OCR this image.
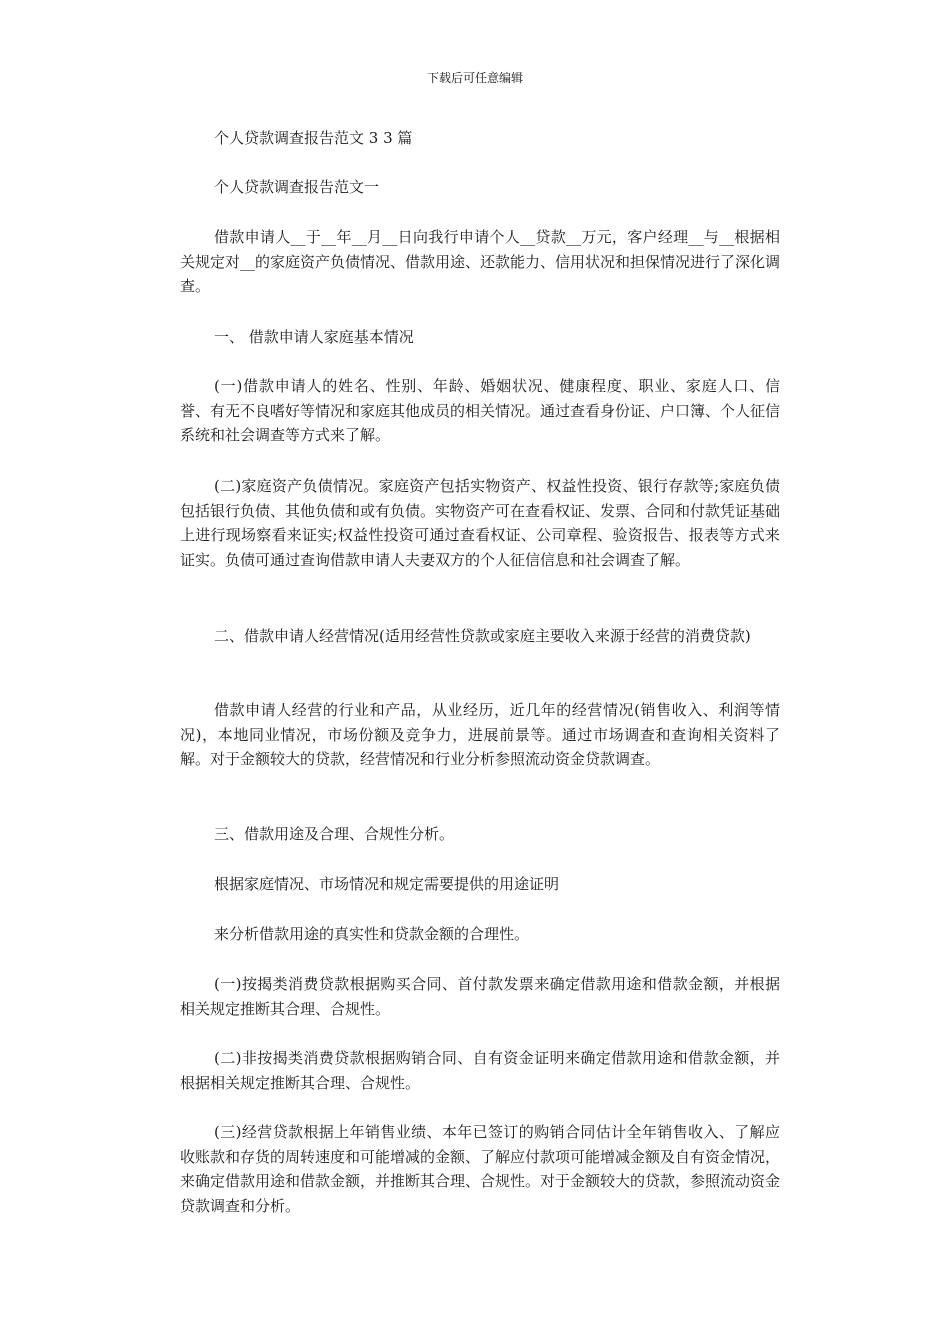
下载后可任意编辑

个人贷款调查报告范文 3 3 篇

个人贷款调查报告范文一

借款申请人__于__年__月__日向我行申请个人__贷款__万元，客户经理__与__根据相关规定对__的家庭资产负债情况、借款用途、还款能力、信用状况和担保情况进行了深化调查。

一、 借款申请人家庭基本情况

(一)借款申请人的姓名、性别、年龄、婚姻状况、健康程度、职业、家庭人口、信誉、有无不良嗜好等情况和家庭其他成员的相关情况。通过查看身份证、户口簿、个人征信系统和社会调查等方式来了解。

(二)家庭资产负债情况。家庭资产包括实物资产、权益性投资、银行存款等;家庭负债包括银行负债、其他负债和或有负债。实物资产可在查看权证、发票、合同和付款凭证基础上进行现场察看来证实;权益性投资可通过查看权证、公司章程、验资报告、报表等方式来证实。负债可通过查询借款申请人夫妻双方的个人征信信息和社会调查了解。

二、借款申请人经营情况(适用经营性贷款或家庭主要收入来源于经营的消费贷款)

借款申请人经营的行业和产品，从业经历，近几年的经营情况(销售收入、利润等情况)，本地同业情况，市场份额及竞争力，进展前景等。通过市场调查和查询相关资料了解。对于金额较大的贷款，经营情况和行业分析参照流动资金贷款调查。

三、借款用途及合理、合规性分析。

根据家庭情况、市场情况和规定需要提供的用途证明

来分析借款用途的真实性和贷款金额的合理性。

(一)按揭类消费贷款根据购买合同、首付款发票来确定借款用途和借款金额，并根据相关规定推断其合理、合规性。

(二)非按揭类消费贷款根据购销合同、自有资金证明来确定借款用途和借款金额，并根据相关规定推断其合理、合规性。

(三)经营贷款根据上年销售业绩、本年已签订的购销合同估计全年销售收入、了解应收账款和存货的周转速度和可能增减的金额、了解应付款项可能增减金额及自有资金情况，来确定借款用途和借款金额，并推断其合理、合规性。对于金额较大的贷款，参照流动资金贷款调查和分析。
